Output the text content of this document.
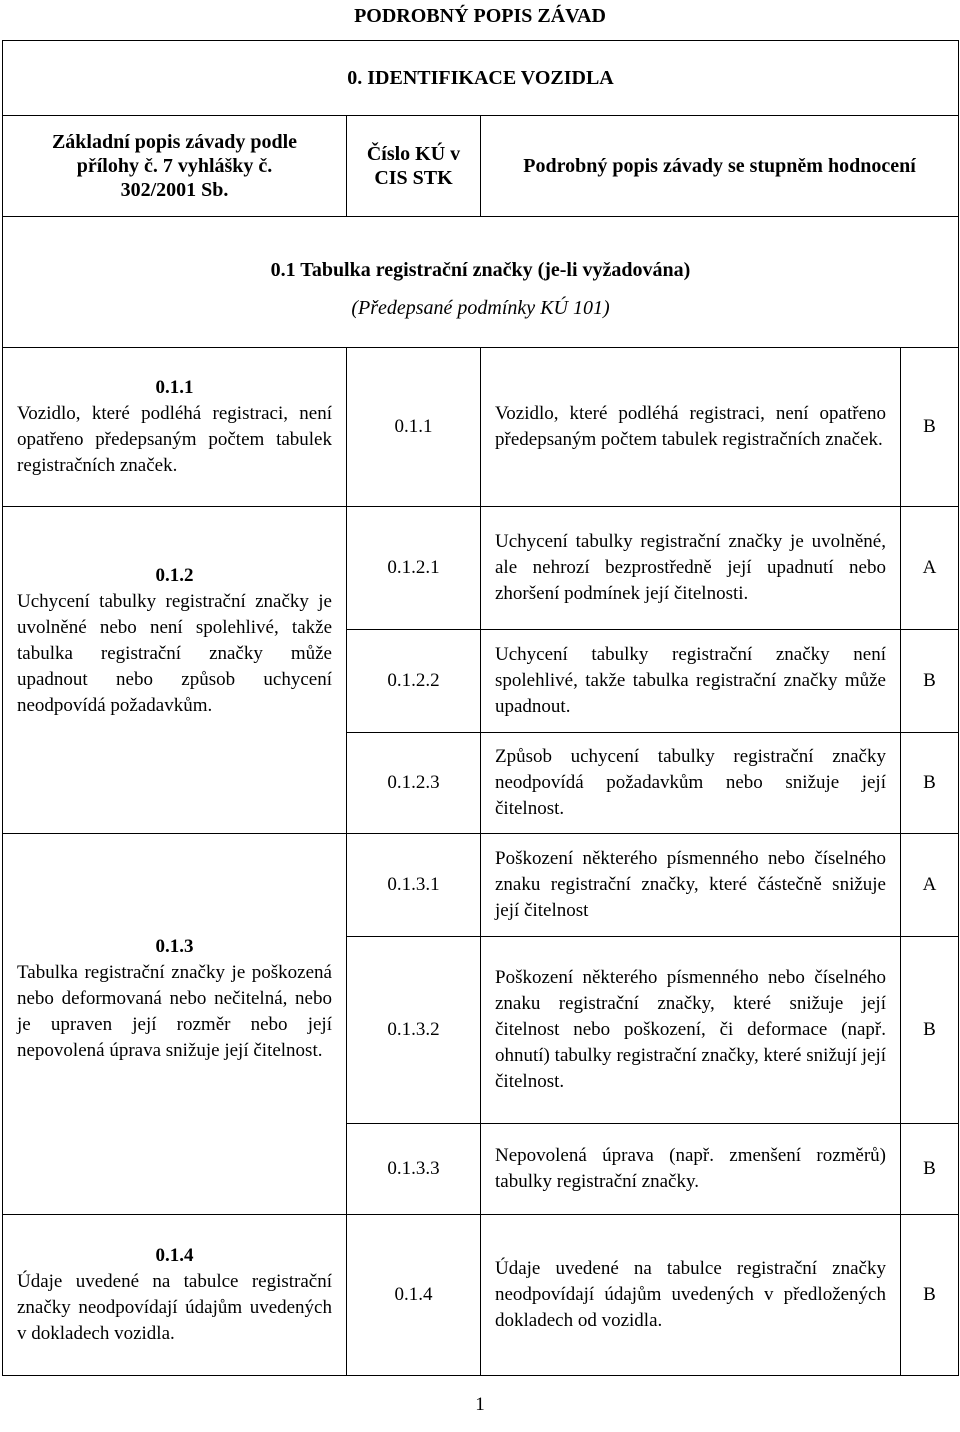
PODROBNÝ POPIS ZÁVAD
0. IDENTIFIKACE VOZIDLA			
Základní popis závady podle přílohy č. 7 vyhlášky č. 302/2001 Sb.	Číslo KÚ v CIS STK	Podrobný popis závady se stupněm hodnocení	

0.1 Tabulka registrační značky (je-li vyžadována)
(Předepsané podmínky KÚ 101)			

0.1.1
Vozidlo, které podléhá registraci, není opatřeno předepsaným počtem tabulek registračních značek.	0.1.1	Vozidlo, které podléhá registraci, není opatřeno předepsaným počtem tabulek registračních značek.	B

0.1.2
Uchycení tabulky registrační značky je uvolněné nebo není spolehlivé, takže tabulka registrační značky může upadnout nebo způsob uchycení neodpovídá požadavkům.	0.1.2.1	Uchycení tabulky registrační značky je uvolněné, ale nehrozí bezprostředně její upadnutí nebo zhoršení podmínek její čitelnosti.	A
	0.1.2.2	Uchycení tabulky registrační značky není spolehlivé, takže tabulka registrační značky může upadnout.	B
	0.1.2.3	Způsob uchycení tabulky registrační značky neodpovídá požadavkům nebo snižuje její čitelnost.	B

0.1.3
Tabulka registrační značky je poškozená nebo deformovaná nebo nečitelná, nebo je upraven její rozměr nebo její nepovolená úprava snižuje její čitelnost.	0.1.3.1	Poškození některého písmenného nebo číselného znaku registrační značky, které částečně snižuje její čitelnost	A
	0.1.3.2	Poškození některého písmenného nebo číselného znaku registrační značky, které snižuje její čitelnost nebo poškození, či deformace (např. ohnutí) tabulky registrační značky, které snižují její čitelnost.	B
	0.1.3.3	Nepovolená úprava (např. zmenšení rozměrů) tabulky registrační značky.	B

0.1.4
Údaje uvedené na tabulce registrační značky neodpovídají údajům uvedených v dokladech vozidla.	0.1.4	Údaje uvedené na tabulce registrační značky neodpovídají údajům uvedených v předložených dokladech od vozidla.	B
1
